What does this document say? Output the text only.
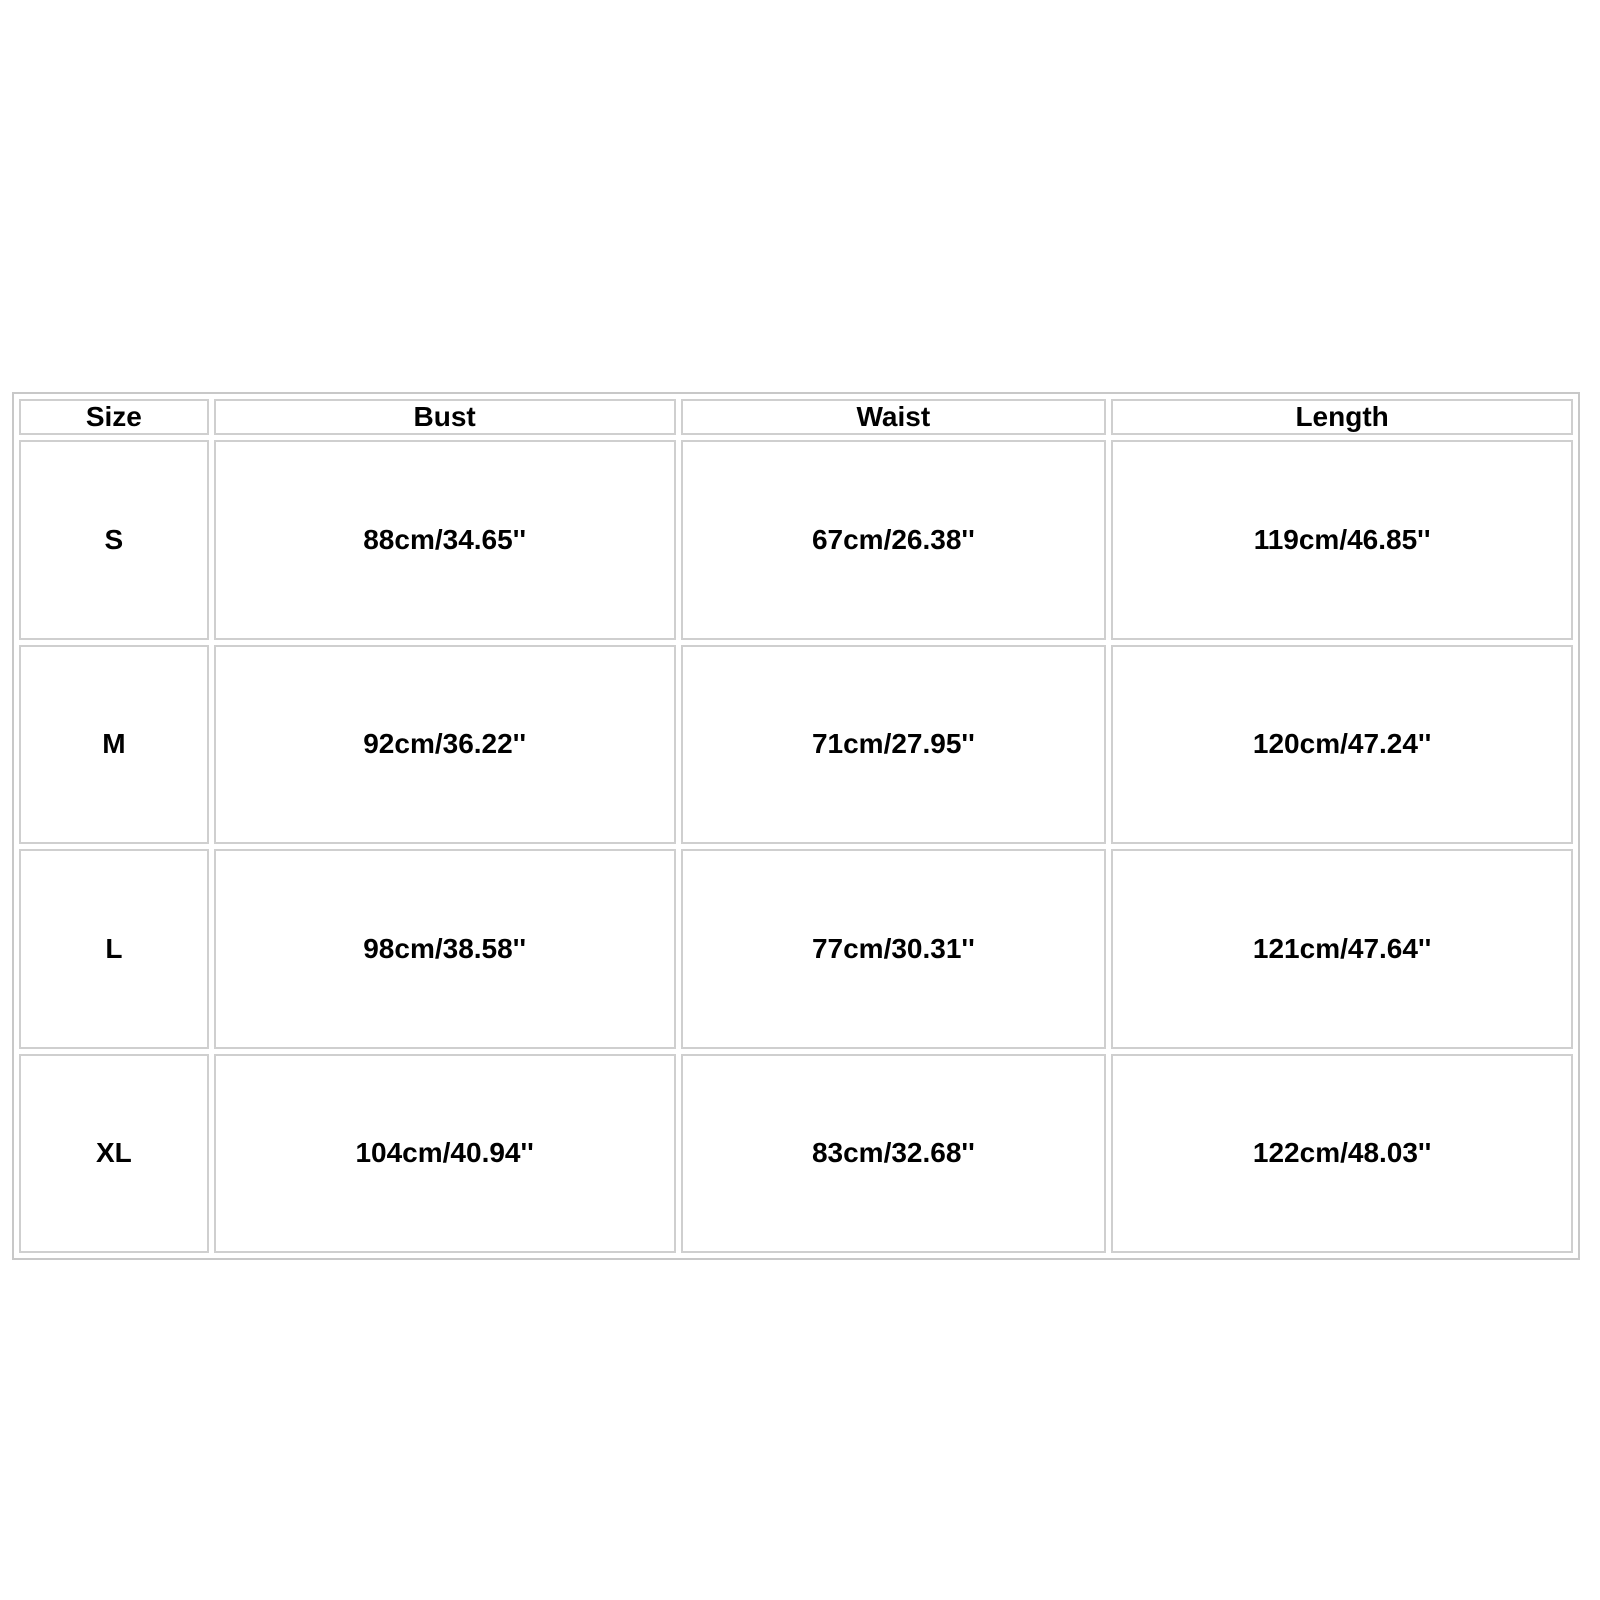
Size	Bust	Waist	Length
S	88cm/34.65''	67cm/26.38''	119cm/46.85''
M	92cm/36.22''	71cm/27.95''	120cm/47.24''
L	98cm/38.58''	77cm/30.31''	121cm/47.64''
XL	104cm/40.94''	83cm/32.68''	122cm/48.03''
